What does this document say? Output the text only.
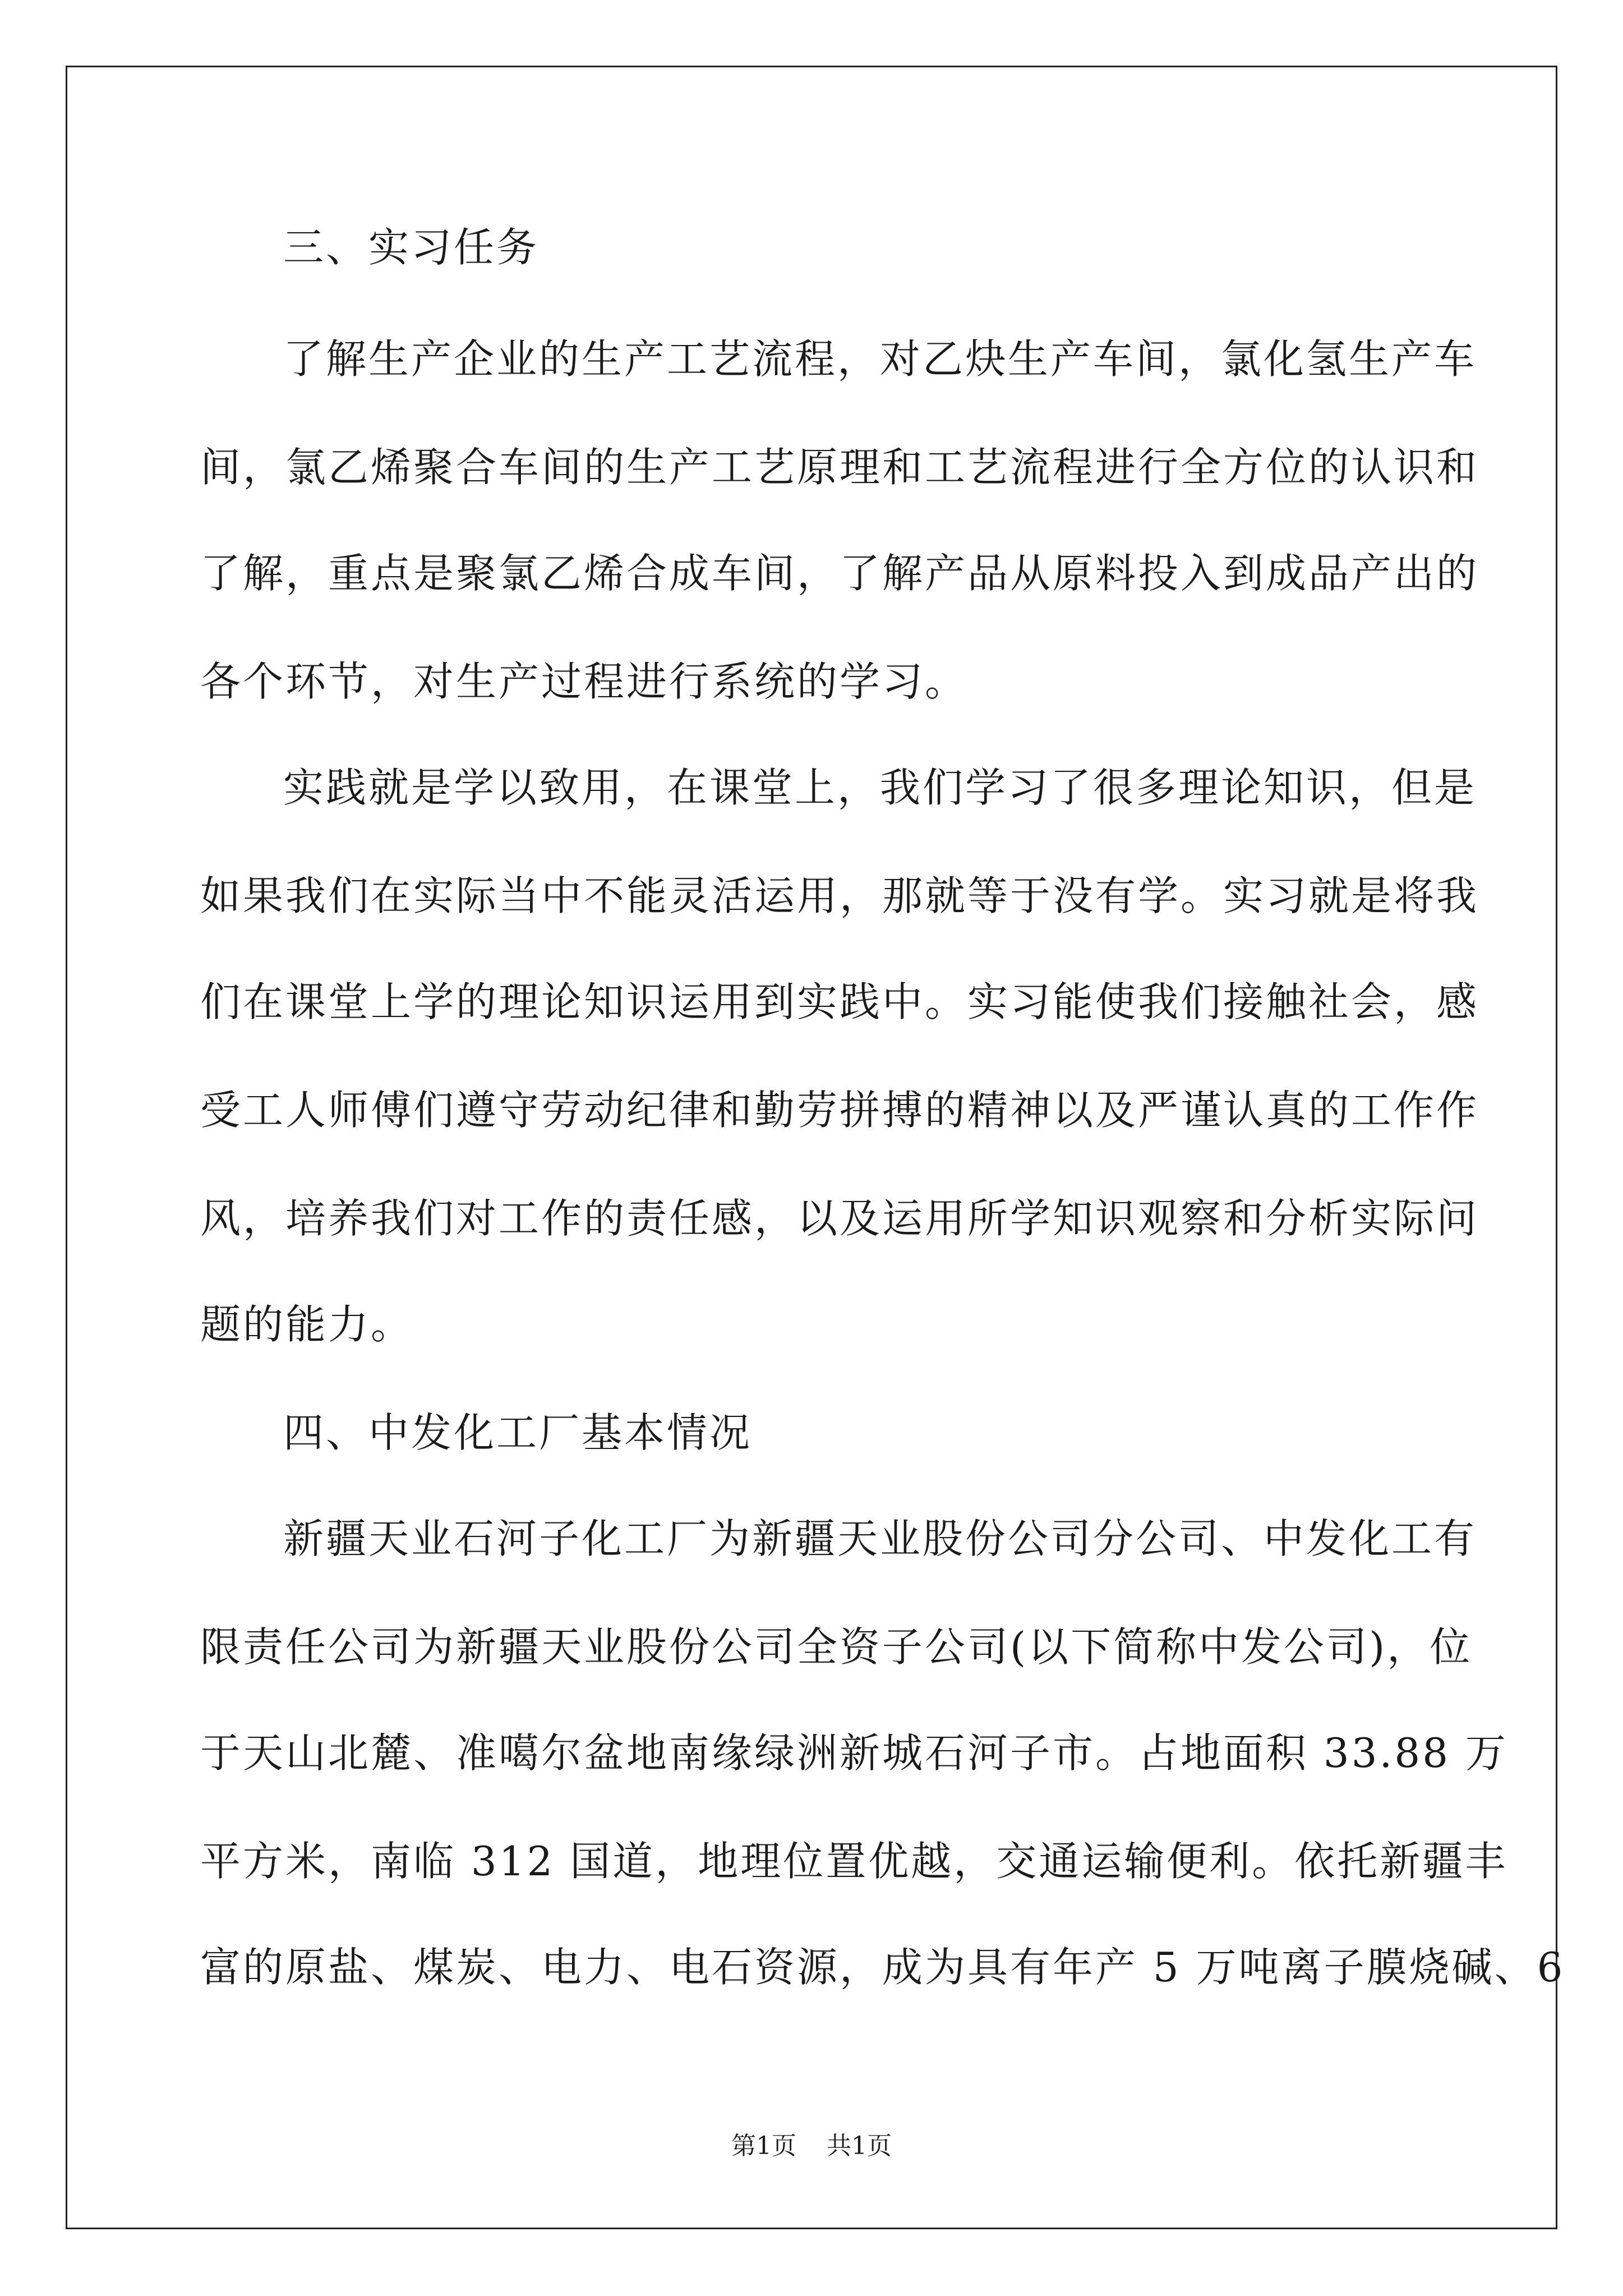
三、实习任务
了解生产企业的生产工艺流程，对乙炔生产车间，氯化氢生产车
间，氯乙烯聚合车间的生产工艺原理和工艺流程进行全方位的认识和
了解，重点是聚氯乙烯合成车间，了解产品从原料投入到成品产出的
各个环节，对生产过程进行系统的学习。
实践就是学以致用，在课堂上，我们学习了很多理论知识，但是
如果我们在实际当中不能灵活运用，那就等于没有学。实习就是将我
们在课堂上学的理论知识运用到实践中。实习能使我们接触社会，感
受工人师傅们遵守劳动纪律和勤劳拼搏的精神以及严谨认真的工作作
风，培养我们对工作的责任感，以及运用所学知识观察和分析实际问
题的能力。
四、中发化工厂基本情况
新疆天业石河子化工厂为新疆天业股份公司分公司、中发化工有
限责任公司为新疆天业股份公司全资子公司(以下简称中发公司)，位
于天山北麓、准噶尔盆地南缘绿洲新城石河子市。占地面积 33.88 万
平方米，南临 312 国道，地理位置优越，交通运输便利。依托新疆丰
富的原盐、煤炭、电力、电石资源，成为具有年产 5 万吨离子膜烧碱、6
第1页 共1页
